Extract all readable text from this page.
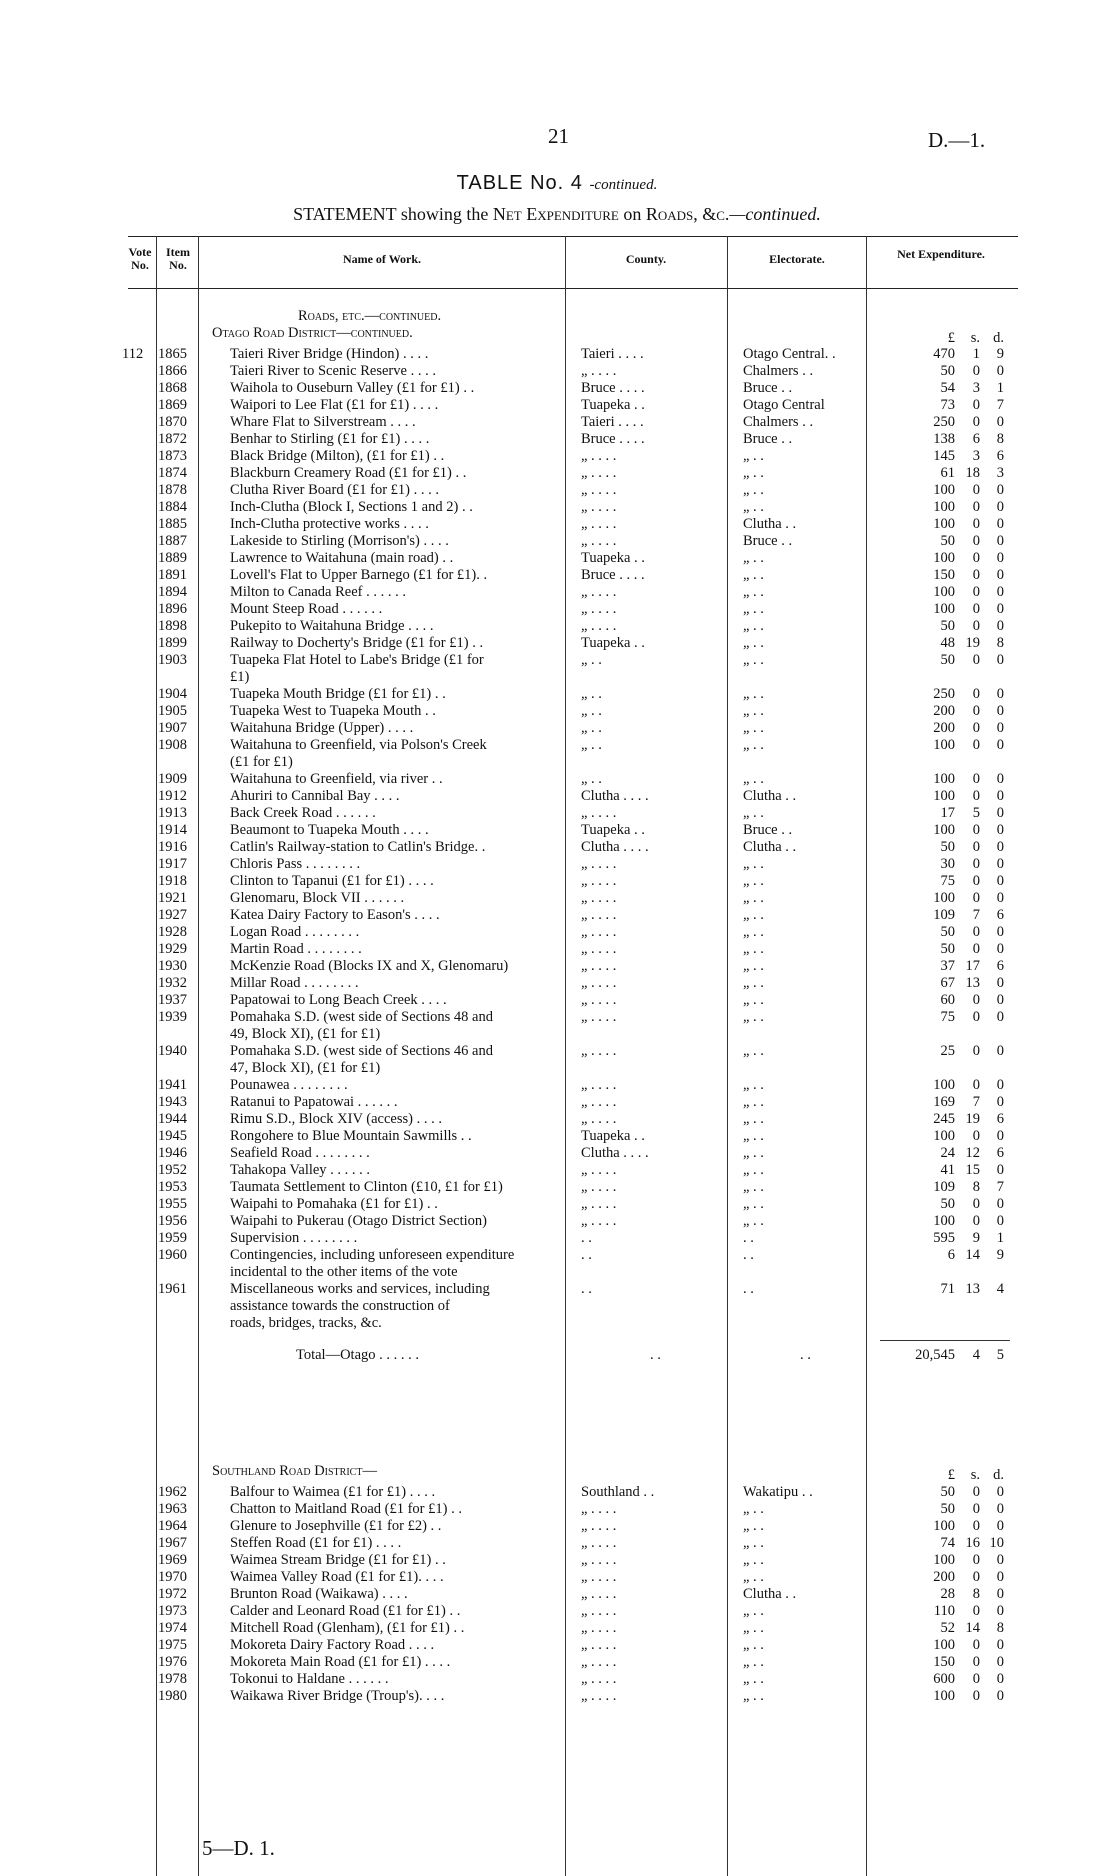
21	D.—1.
TABLE No. 4 -continued.
STATEMENT showing the Net Expenditure on Roads, &c.—continued.
Vote No.
Item No.	Name of Work.	County.	Electorate.	Net Expenditure.
Roads, etc.—continued.
Otago Road District—continued.	£	s. d.
112 1865	Taieri River Bridge (Hindon) . . . .	Taieri . . . .	Otago Central. .	470	1	9
1866	Taieri River to Scenic Reserve . . . .	„ . . . .	Chalmers . .	50	0	0
1868	Waihola to Ouseburn Valley (£1 for £1) . .	Bruce . . . .	Bruce . .	54	3	1
1869	Waipori to Lee Flat (£1 for £1) . . . .	Tuapeka . .	Otago Central	73	0	7
1870	Whare Flat to Silverstream . . . .	Taieri . . . .	Chalmers . .	250	0	0
1872	Benhar to Stirling (£1 for £1) . . . .	Bruce . . . .	Bruce . .	138	6	8
1873	Black Bridge (Milton), (£1 for £1) . .	„ . . . .	„ . .	145	3	6
1874	Blackburn Creamery Road (£1 for £1) . .	„ . . . .	„ . .	61 18	3
1878	Clutha River Board (£1 for £1) . . . .	„ . . . .	„ . .	100	0	0
1884	Inch-Clutha (Block I, Sections 1 and 2) . .	„ . . . .	„ . .	100	0	0
1885	Inch-Clutha protective works . . . .	„ . . . .	Clutha . .	100	0	0
1887	Lakeside to Stirling (Morrison's) . . . .	„ . . . .	Bruce . .	50	0	0
1889	Lawrence to Waitahuna (main road) . .	Tuapeka . .	„ . .	100	0	0
1891	Lovell's Flat to Upper Barnego (£1 for £1). .	Bruce . . . .	„ . .	150	0	0
1894	Milton to Canada Reef . . . . . .	„ . . . .	„ . .	100	0	0
1896	Mount Steep Road . . . . . .	„ . . . .	„ . .	100	0	0
1898	Pukepito to Waitahuna Bridge . . . .	„ . . . .	„ . .	50	0	0
1899	Railway to Docherty's Bridge (£1 for £1) . .	Tuapeka . .	„ . .	48 19	8
1903	Tuapeka Flat Hotel to Labe's Bridge (£1 for	„ . .	„ . .	50	0	0
£1)
1904	Tuapeka Mouth Bridge (£1 for £1) . .	„ . .	„ . .	250	0	0
1905	Tuapeka West to Tuapeka Mouth . .	„ . .	„ . .	200	0	0
1907	Waitahuna Bridge (Upper) . . . .	„ . .	„ . .	200	0	0
1908	Waitahuna to Greenfield, via Polson's Creek	„ . .	„ . .	100	0	0
(£1 for £1)
1909	Waitahuna to Greenfield, via river . .	„ . .	„ . .	100	0	0
1912	Ahuriri to Cannibal Bay . . . .	Clutha . . . .	Clutha . .	100	0	0
1913	Back Creek Road . . . . . .	„ . . . .	„ . .	17	5	0
1914	Beaumont to Tuapeka Mouth . . . .	Tuapeka . .	Bruce . .	100	0	0
1916	Catlin's Railway-station to Catlin's Bridge. .	Clutha . . . .	Clutha . .	50	0	0
1917	Chloris Pass . . . . . . . .	„ . . . .	„ . .	30	0	0
1918	Clinton to Tapanui (£1 for £1) . . . .	„ . . . .	„ . .	75	0	0
1921	Glenomaru, Block VII . . . . . .	„ . . . .	„ . .	100	0	0
1927	Katea Dairy Factory to Eason's . . . .	„ . . . .	„ . .	109	7	6
1928	Logan Road . . . . . . . .	„ . . . .	„ . .	50	0	0
1929	Martin Road . . . . . . . .	„ . . . .	„ . .	50	0	0
1930	McKenzie Road (Blocks IX and X, Glenomaru)	„ . . . .	„ . .	37 17	6
1932	Millar Road . . . . . . . .	„ . . . .	„ . .	67 13	0
1937	Papatowai to Long Beach Creek . . . .	„ . . . .	„ . .	60	0	0
1939	Pomahaka S.D. (west side of Sections 48 and	„ . . . .	„ . .	75	0	0
49, Block XI), (£1 for £1)
1940	Pomahaka S.D. (west side of Sections 46 and	„ . . . .	„ . .	25	0	0
47, Block XI), (£1 for £1)
1941	Pounawea . . . . . . . .	„ . . . .	„ . .	100	0	0
1943	Ratanui to Papatowai . . . . . .	„ . . . .	„ . .	169	7	0
1944	Rimu S.D., Block XIV (access) . . . .	„ . . . .	„ . .	245 19	6
1945	Rongohere to Blue Mountain Sawmills . .	Tuapeka . .	„ . .	100	0	0
1946	Seafield Road . . . . . . . .	Clutha . . . .	„ . .	24 12	6
1952	Tahakopa Valley . . . . . .	„ . . . .	„ . .	41 15	0
1953	Taumata Settlement to Clinton (£10, £1 for £1)	„ . . . .	„ . .	109	8	7
1955	Waipahi to Pomahaka (£1 for £1) . .	„ . . . .	„ . .	50	0	0
1956	Waipahi to Pukerau (Otago District Section)	„ . . . .	„ . .	100	0	0
1959	Supervision . . . . . . . .	. .	. .	595	9	1
1960	Contingencies, including unforeseen expenditure	. .	. .	6 14	9
incidental to the other items of the vote
1961	Miscellaneous works and services, including	. .	. .	71 13	4
assistance towards the construction of
roads, bridges, tracks, &c.
Total—Otago . . . . . .	. .	. .	20,545	4	5
Southland Road District—	£	s. d.
1962	Balfour to Waimea (£1 for £1) . . . .	Southland . .	Wakatipu . .	50	0	0
1963	Chatton to Maitland Road (£1 for £1) . .	„ . . . .	„ . .	50	0	0
1964	Glenure to Josephville (£1 for £2) . .	„ . . . .	„ . .	100	0	0
1967	Steffen Road (£1 for £1) . . . .	„ . . . .	„ . .	74 16 10
1969	Waimea Stream Bridge (£1 for £1) . .	„ . . . .	„ . .	100	0	0
1970	Waimea Valley Road (£1 for £1). . . .	„ . . . .	„ . .	200	0	0
1972	Brunton Road (Waikawa) . . . .	„ . . . .	Clutha . .	28	8	0
1973	Calder and Leonard Road (£1 for £1) . .	„ . . . .	„ . .	110	0	0
1974	Mitchell Road (Glenham), (£1 for £1) . .	„ . . . .	„ . .	52 14	8
1975	Mokoreta Dairy Factory Road . . . .	„ . . . .	„ . .	100	0	0
1976	Mokoreta Main Road (£1 for £1) . . . .	„ . . . .	„ . .	150	0	0
1978	Tokonui to Haldane . . . . . .	„ . . . .	„ . .	600	0	0
1980	Waikawa River Bridge (Troup's). . . .	„ . . . .	„ . .	100	0	0
5—D. 1.
